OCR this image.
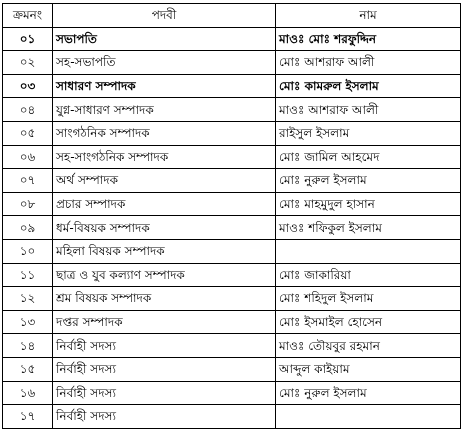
ক্রমনং	পদবী	নাম
০১	সভাপতি	মাওঃ মোঃ শরফুদ্দিন
০২	সহ-সভাপতি	মোঃ আশরাফ আলী
০৩	সাধারণ সম্পাদক	মোঃ কামরুল ইসলাম
০৪	যুগ্ন-সাধারণ সম্পাদক	মাওঃ আশরাফ আলী
০৫	সাংগঠনিক সম্পাদক	রাইসুল ইসলাম
০৬	সহ-সাংগঠনিক সম্পাদক	মোঃ জামিল আহমেদ
০৭	অর্থ সম্পাদক	মোঃ নুরুল ইসলাম
০৮	প্রচার সম্পাদক	মোঃ মাহমুদুল হাসান
০৯	ধর্ম-বিষয়ক সম্পাদক	মাওঃ শফিকুল ইসলাম
১০	মহিলা বিষয়ক সম্পাদক	
১১	ছাত্র ও যুব কল্যাণ সম্পাদক	মোঃ জাকারিয়া
১২	শ্রম বিষয়ক সম্পাদক	মোঃ শহিদুল ইসলাম
১৩	দপ্তর সম্পাদক	মোঃ ইসমাইল হোসেন
১৪	নির্বাহী সদস্য	মাওঃ তৌয়বুর রহমান
১৫	নির্বাহী সদস্য	আব্দুল কাইয়াম
১৬	নির্বাহী সদস্য	মোঃ নুরুল ইসলাম
১৭	নির্বাহী সদস্য	
